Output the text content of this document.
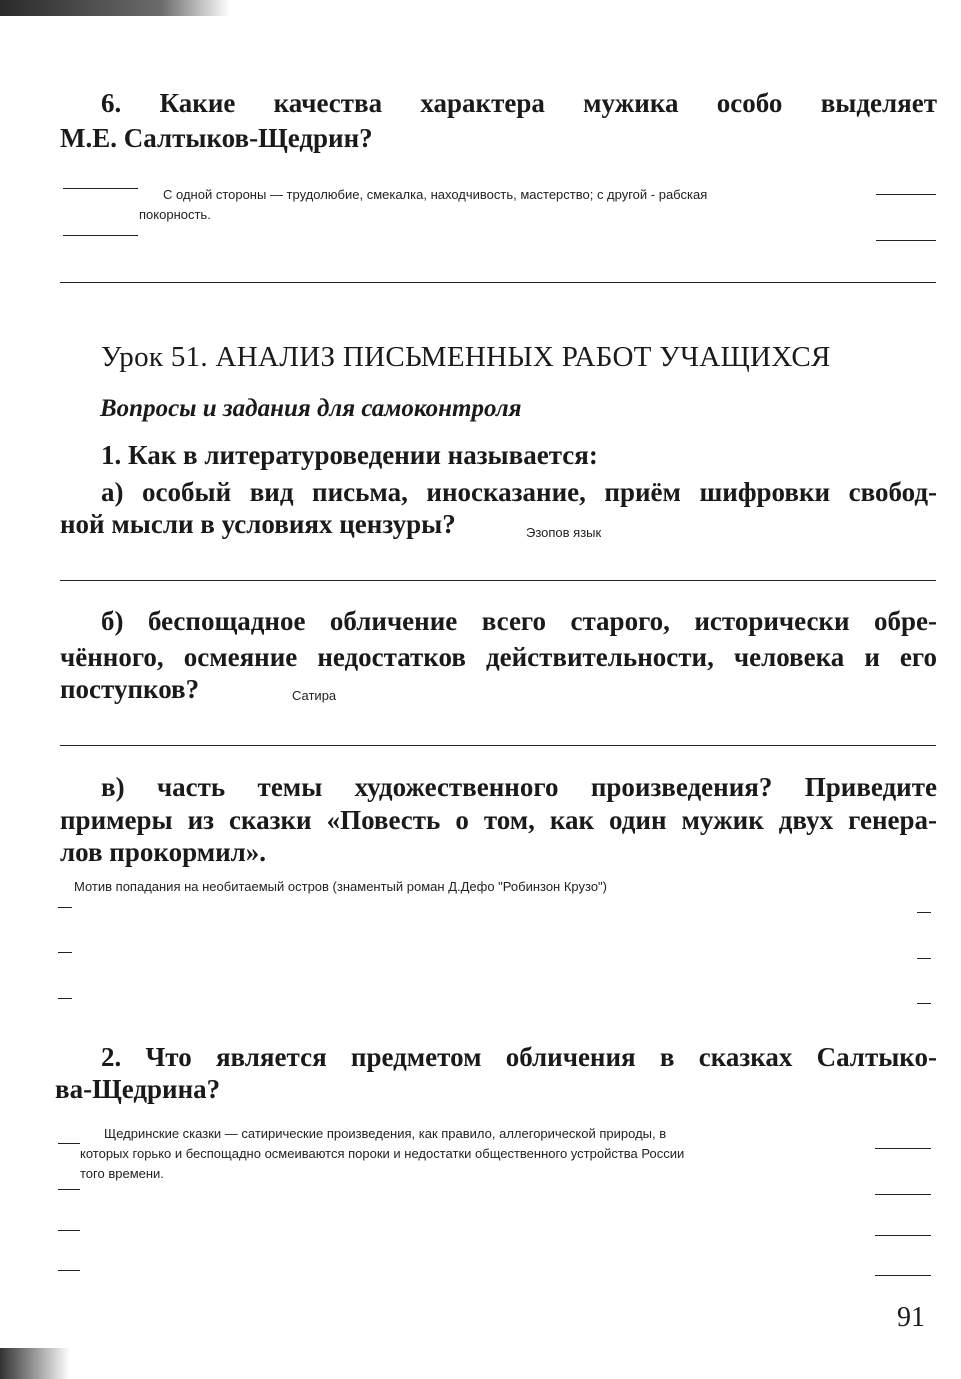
6. Какие качества характера мужика особо выделяет

М.Е. Салтыков-Щедрин?

С одной стороны — трудолюбие, смекалка, находчивость, мастерство; с другой - рабская

покорность.

Урок 51. АНАЛИЗ ПИСЬМЕННЫХ РАБОТ УЧАЩИХСЯ
Вопросы и задания для самоконтроля

1. Как в литературоведении называется:

а) особый вид письма, иносказание, приём шифровки свобод-

ной мысли в условиях цензуры?	Эзопов язык

б) беспощадное обличение всего старого, исторически обре-

чённого, осмеяние недостатков действительности, человека и его

поступков?	Сатира

в) часть темы художественного произведения? Приведите

примеры из сказки «Повесть о том, как один мужик двух генера-

лов прокормил».

Мотив попадания на необитаемый остров (знаментый роман Д.Дефо "Робинзон Крузо")

2. Что является предметом обличения в сказках Салтыко-

ва-Щедрина?

Щедринские сказки — сатирические произведения, как правило, аллегорической природы, в

которых горько и беспощадно осмеиваются пороки и недостатки общественного устройства России

того времени.

91
